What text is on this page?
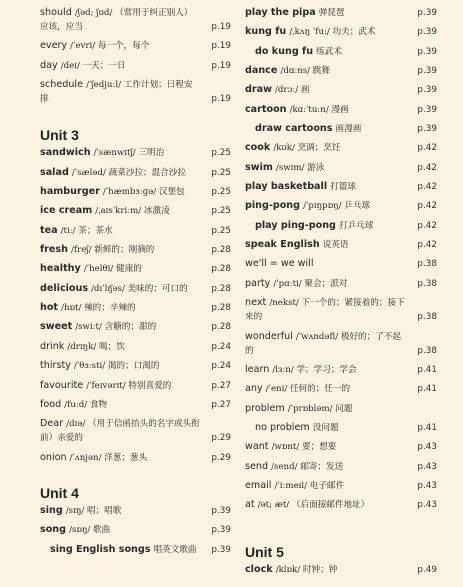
should /ʃəd; ʃʊd/ （常用于纠正别人）应该，应当	p.19
every /ˈevri/ 每一个，每个	p.19
day /deɪ/ 一天；一日	p.19
schedule /ˈʃedjuːl/ 工作计划；日程安排	p.19
Unit 3
sandwich /ˈsænwɪtʃ/ 三明治	p.25
salad /ˈsæləd/ 蔬菜沙拉；混合沙拉	p.25
hamburger /ˈhæmbɜːɡə/ 汉堡包	p.25
ice cream /ˌaɪsˈkriːm/ 冰激凌	p.25
tea /tiː/ 茶；茶水	p.25
fresh /freʃ/ 新鲜的；刚摘的	p.28
healthy /ˈhelθi/ 健康的	p.28
delicious /dɪˈlɪʃəs/ 美味的；可口的	p.28
hot /hɒt/ 辣的；辛辣的	p.28
sweet /swiːt/ 含糖的；甜的	p.28
drink /drɪŋk/ 喝；饮	p.24
thirsty /ˈθɜːsti/ 渴的；口渴的	p.24
favourite /ˈfeɪvərɪt/ 特别喜爱的	p.27
food /fuːd/ 食物	p.27
Dear /dɪə/ （用于信函抬头的名字或头衔前）亲爱的	p.29
onion /ˈʌnjən/ 洋葱；葱头	p.29
Unit 4
sing /sɪŋ/ 唱；唱歌	p.39
song /sɒŋ/ 歌曲	p.39
sing English songs 唱英文歌曲 p.39
play the pipa 弹琵琶	p.39
kung fu /ˌkʌŋ ˈfuː/ 功夫；武术	p.39
do kung fu 练武术	p.39
dance /dɑːns/ 跳舞	p.39
draw /drɔː/ 画	p.39
cartoon /kɑːˈtuːn/ 漫画	p.39
draw cartoons 画漫画	p.39
cook /kʊk/ 烹调；烹饪	p.42
swim /swɪm/ 游泳	p.42
play basketball 打篮球	p.42
ping-pong /ˈpɪŋpɒŋ/ 乒乓球	p.42
play ping-pong 打乒乓球	p.42
speak English 说英语	p.42
we'll = we will	p.38
party /ˈpɑːti/ 聚会；派对	p.38
next /nekst/ 下一个的；紧接着的；接下来的	p.38
wonderful /ˈwʌndəfl/ 极好的；了不起的	p.38
learn /lɜːn/ 学；学习；学会	p.41
any /ˈeni/ 任何的；任一的	p.41
problem /ˈprɒbləm/ 问题
no problem 没问题	p.41
want /wɒnt/ 要；想要	p.43
send /send/ 邮寄；发送	p.43
email /ˈiːmeɪl/ 电子邮件	p.43
at /ət; æt/ （后面接邮件地址）	p.43
Unit 5
clock /klɒk/ 时钟；钟	p.49
